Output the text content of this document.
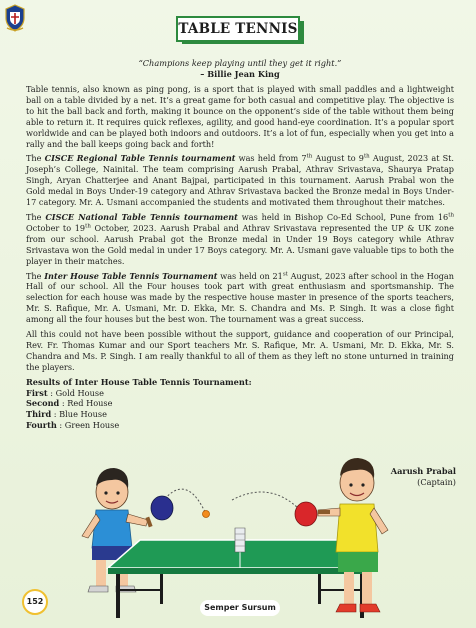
TABLE TENNIS
“Champions keep playing until they get it right.”
– Billie Jean King

Table tennis, also known as ping pong, is a sport that is played with small paddles and a lightweight ball on a table divided by a net. It’s a great game for both casual and competitive play. The objective is to hit the ball back and forth, making it bounce on the opponent’s side of the table without them being able to return it. It requires quick reflexes, agility, and good hand-eye coordination. It’s a popular sport worldwide and can be played both indoors and outdoors. It’s a lot of fun, especially when you get into a rally and the ball keeps going back and forth!

The CISCE Regional Table Tennis tournament was held from 7th August to 9th August, 2023 at St. Joseph’s College, Nainital. The team comprising Aarush Prabal, Athrav Srivastava, Shaurya Pratap Singh, Aryan Chatterjee and Anant Bajpai, participated in this tournament. Aarush Prabal won the Gold medal in Boys Under-19 category and Athrav Srivastava backed the Bronze medal in Boys Under-17 category. Mr. A. Usmani accompanied the students and motivated them throughout their matches.

The CISCE National Table Tennis tournament was held in Bishop Co-Ed School, Pune from 16th October to 19th October, 2023. Aarush Prabal and Athrav Srivastava represented the UP & UK zone from our school. Aarush Prabal got the Bronze medal in Under 19 Boys category while Athrav Srivastava won the Gold medal in under 17 Boys category. Mr. A. Usmani gave valuable tips to both the player in their matches.

The Inter House Table Tennis Tournament was held on 21st August, 2023 after school in the Hogan Hall of our school. All the Four houses took part with great enthusiasm and sportsmanship. The selection for each house was made by the respective house master in presence of the sports teachers, Mr. S. Rafique, Mr. A. Usmani, Mr. D. Ekka, Mr. S. Chandra and Ms. P. Singh. It was a close fight among all the four houses but the best won. The tournament was a great success.

All this could not have been possible without the support, guidance and cooperation of our Principal, Rev. Fr. Thomas Kumar and our Sport teachers Mr. S. Rafique, Mr. A. Usmani, Mr. D. Ekka, Mr. S. Chandra and Ms. P. Singh. I am really thankful to all of them as they left no stone unturned in training the players.

Results of Inter House Table Tennis Tournament:
First : Gold House
Second : Red House
Third : Blue House
Fourth : Green House
Aarush Prabal
(Captain)
152
Semper Sursum
